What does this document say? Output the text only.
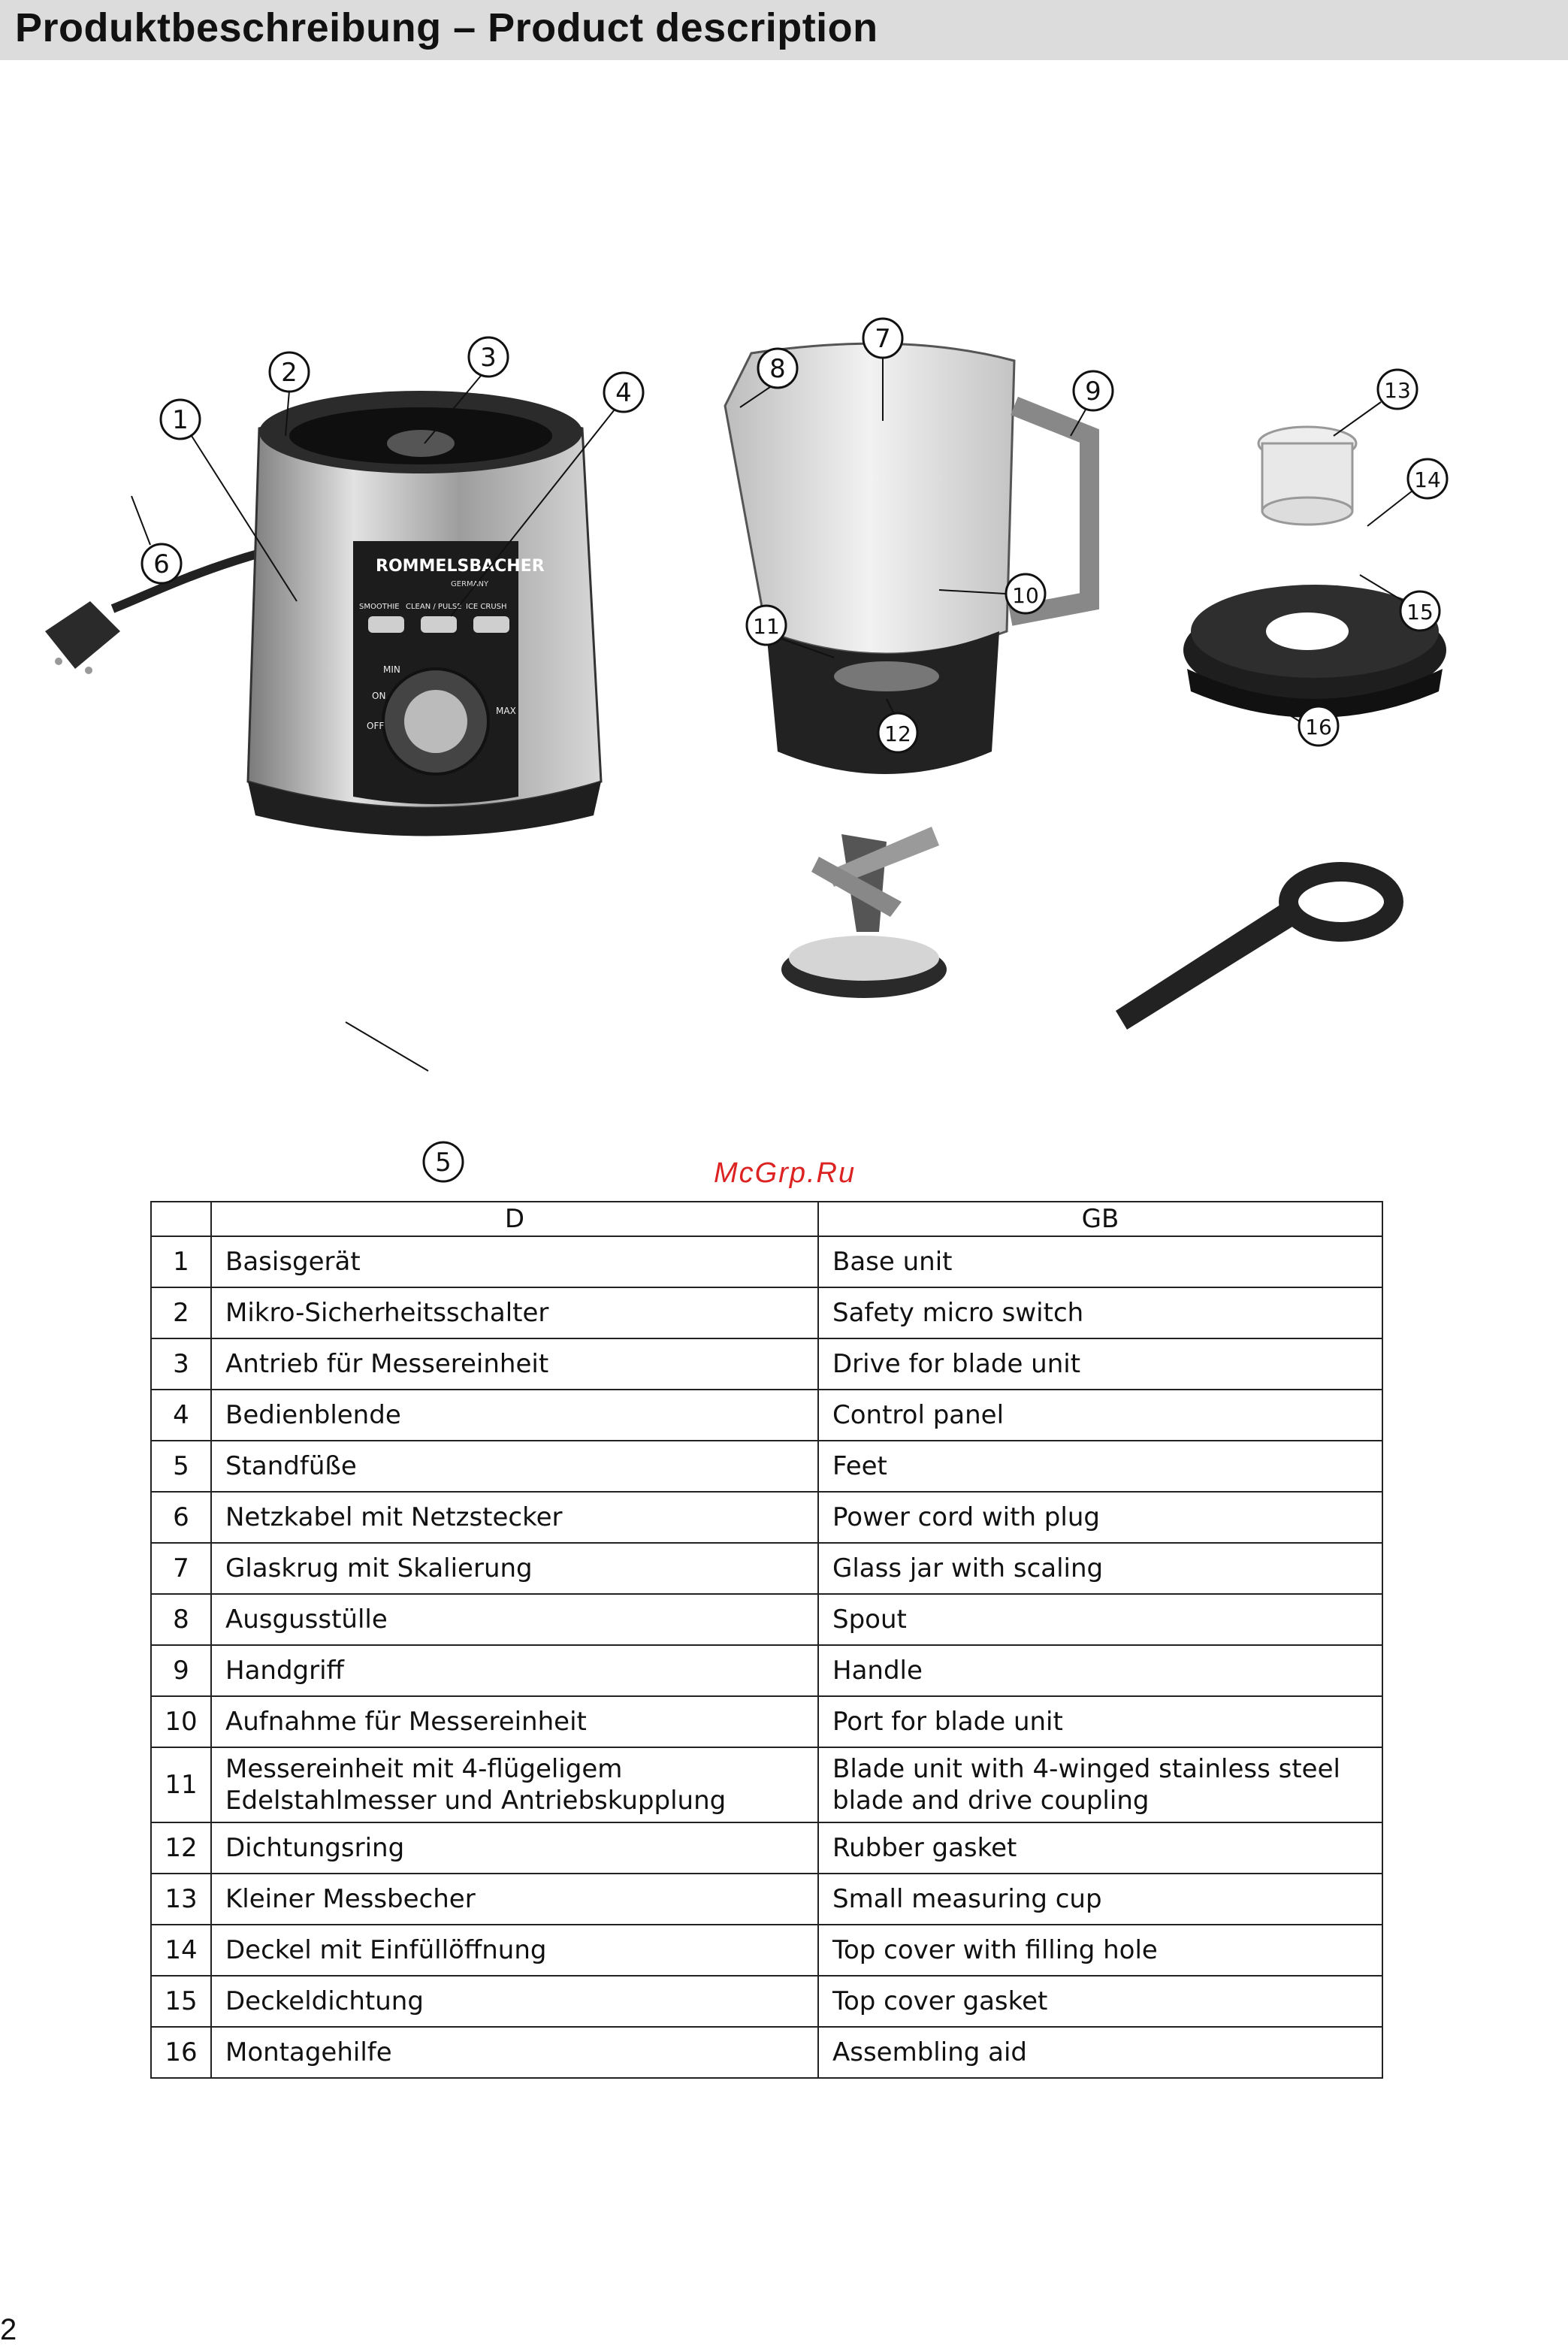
Produktbeschreibung – Product description
ROMMELSBACHER
GERMANY
SMOOTHIE CLEAN / PULSE ICE CRUSH
OFF
ON
MIN
MAX
1
2	3
4
5
6
7
8
9
10
11
12
13
14
15
16
McGrp.Ru
	D	GB
1	Basisgerät	Base unit
2	Mikro-Sicherheitsschalter	Safety micro switch
3	Antrieb für Messereinheit	Drive for blade unit
4	Bedienblende	Control panel
5	Standfüße	Feet
6	Netzkabel mit Netzstecker	Power cord with plug
7	Glaskrug mit Skalierung	Glass jar with scaling
8	Ausgusstülle	Spout
9	Handgriff	Handle
10	Aufnahme für Messereinheit	Port for blade unit
11	Messereinheit mit 4-flügeligem Edelstahlmesser und Antriebskupplung	Blade unit with 4-winged stainless steel blade and drive coupling
12	Dichtungsring	Rubber gasket
13	Kleiner Messbecher	Small measuring cup
14	Deckel mit Einfüllöffnung	Top cover with filling hole
15	Deckeldichtung	Top cover gasket
16	Montagehilfe	Assembling aid
2
